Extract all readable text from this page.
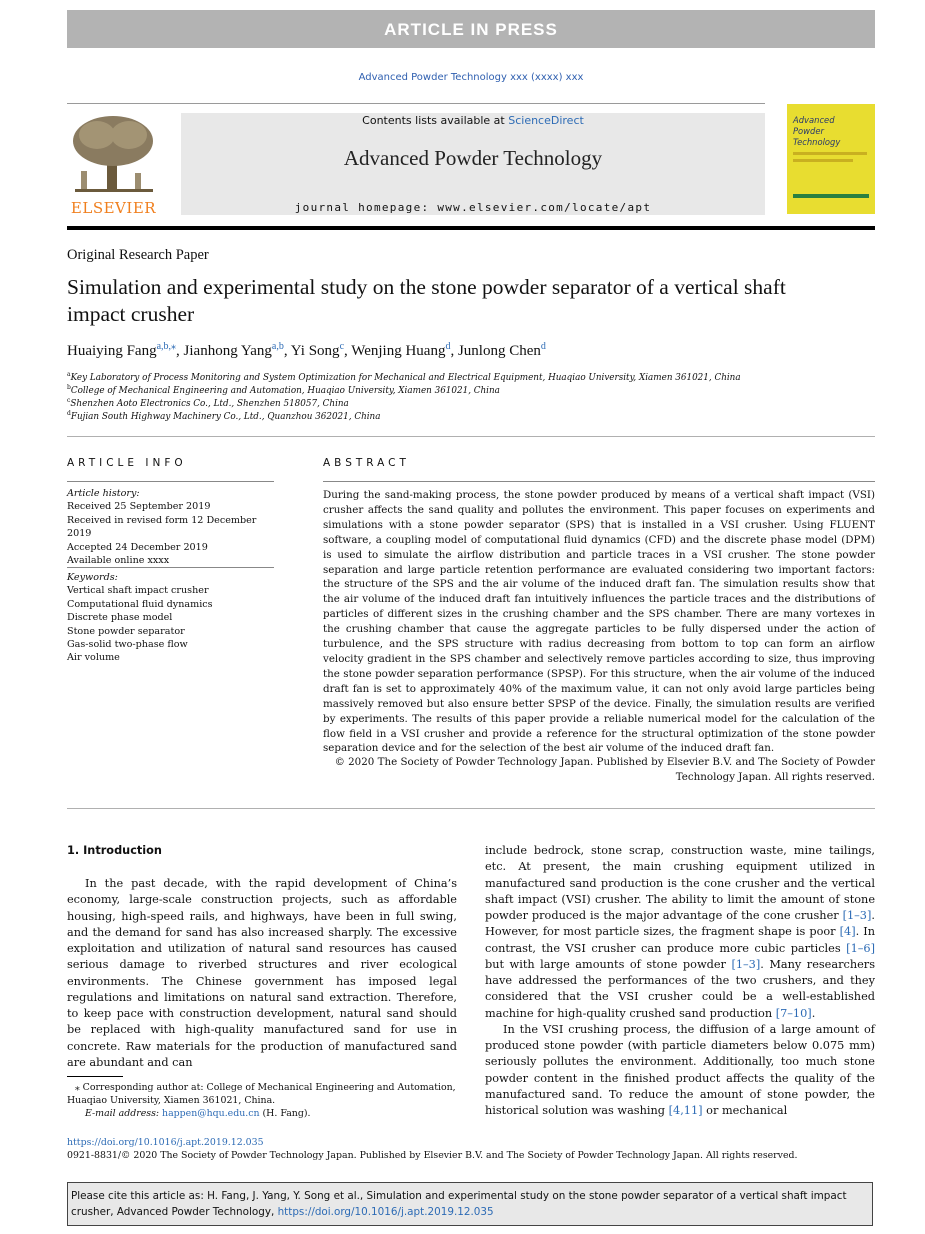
ARTICLE IN PRESS
Advanced Powder Technology xxx (xxxx) xxx
ELSEVIER
Contents lists available at ScienceDirect
Advanced Powder Technology
journal homepage: www.elsevier.com/locate/apt
Advanced
Powder
Technology
Original Research Paper
Simulation and experimental study on the stone powder separator of a vertical shaft impact crusher
Huaiying Fang$^{a,b,⁎}$, Jianhong Yang$^{a,b}$, Yi Song$^c$, Wenjing Huang$^d$, Junlong Chen$^d$
$^a$Key Laboratory of Process Monitoring and System Optimization for Mechanical and Electrical Equipment, Huaqiao University, Xiamen 361021, China
$^b$College of Mechanical Engineering and Automation, Huaqiao University, Xiamen 361021, China
$^c$Shenzhen Aoto Electronics Co., Ltd., Shenzhen 518057, China
$^d$Fujian South Highway Machinery Co., Ltd., Quanzhou 362021, China
ARTICLE INFO
Article history:
Received 25 September 2019
Received in revised form 12 December 2019
Accepted 24 December 2019
Available online xxxx
Keywords:
Vertical shaft impact crusher
Computational fluid dynamics
Discrete phase model
Stone powder separator
Gas-solid two-phase flow
Air volume
ABSTRACT
During the sand-making process, the stone powder produced by means of a vertical shaft impact (VSI) crusher affects the sand quality and pollutes the environment. This paper focuses on experiments and simulations with a stone powder separator (SPS) that is installed in a VSI crusher. Using FLUENT software, a coupling model of computational fluid dynamics (CFD) and the discrete phase model (DPM) is used to simulate the airflow distribution and particle traces in a VSI crusher. The stone powder separation and large particle retention performance are evaluated considering two important factors: the structure of the SPS and the air volume of the induced draft fan. The simulation results show that the air volume of the induced draft fan intuitively influences the particle traces and the distributions of particles of different sizes in the crushing chamber and the SPS chamber. There are many vortexes in the crushing chamber that cause the aggregate particles to be fully dispersed under the action of turbulence, and the SPS structure with radius decreasing from bottom to top can form an airflow velocity gradient in the SPS chamber and selectively remove particles according to size, thus improving the stone powder separation performance (SPSP). For this structure, when the air volume of the induced draft fan is set to approximately 40% of the maximum value, it can not only avoid large particles being massively removed but also ensure better SPSP of the device. Finally, the simulation results are verified by experiments. The results of this paper provide a reliable numerical model for the calculation of the flow field in a VSI crusher and provide a reference for the structural optimization of the stone powder separation device and for the selection of the best air volume of the induced draft fan.
© 2020 The Society of Powder Technology Japan. Published by Elsevier B.V. and The Society of Powder
Technology Japan. All rights reserved.
1. Introduction

In the past decade, with the rapid development of China’s economy, large-scale construction projects, such as affordable housing, high-speed rails, and highways, have been in full swing, and the demand for sand has also increased sharply. The excessive exploitation and utilization of natural sand resources has caused serious damage to riverbed structures and river ecological environments. The Chinese government has imposed legal regulations and limitations on natural sand extraction. Therefore, to keep pace with construction development, natural sand should be replaced with high-quality manufactured sand for use in concrete. Raw materials for the production of manufactured sand are abundant and can

include bedrock, stone scrap, construction waste, mine tailings, etc. At present, the main crushing equipment utilized in manufactured sand production is the cone crusher and the vertical shaft impact (VSI) crusher. The ability to limit the amount of stone powder produced is the major advantage of the cone crusher [1–3]. However, for most particle sizes, the fragment shape is poor [4]. In contrast, the VSI crusher can produce more cubic particles [1–6] but with large amounts of stone powder [1–3]. Many researchers have addressed the performances of the two crushers, and they considered that the VSI crusher could be a well-established machine for high-quality crushed sand production [7–10].

In the VSI crushing process, the diffusion of a large amount of produced stone powder (with particle diameters below 0.075 mm) seriously pollutes the environment. Additionally, too much stone powder content in the finished product affects the quality of the manufactured sand. To reduce the amount of stone powder, the historical solution was washing [4,11] or mechanical

⁎ Corresponding author at: College of Mechanical Engineering and Automation, Huaqiao University, Xiamen 361021, China.
E-mail address: happen@hqu.edu.cn (H. Fang).
https://doi.org/10.1016/j.apt.2019.12.035
0921-8831/© 2020 The Society of Powder Technology Japan. Published by Elsevier B.V. and The Society of Powder Technology Japan. All rights reserved.
Please cite this article as: H. Fang, J. Yang, Y. Song et al., Simulation and experimental study on the stone powder separator of a vertical shaft impact crusher, Advanced Powder Technology, https://doi.org/10.1016/j.apt.2019.12.035
